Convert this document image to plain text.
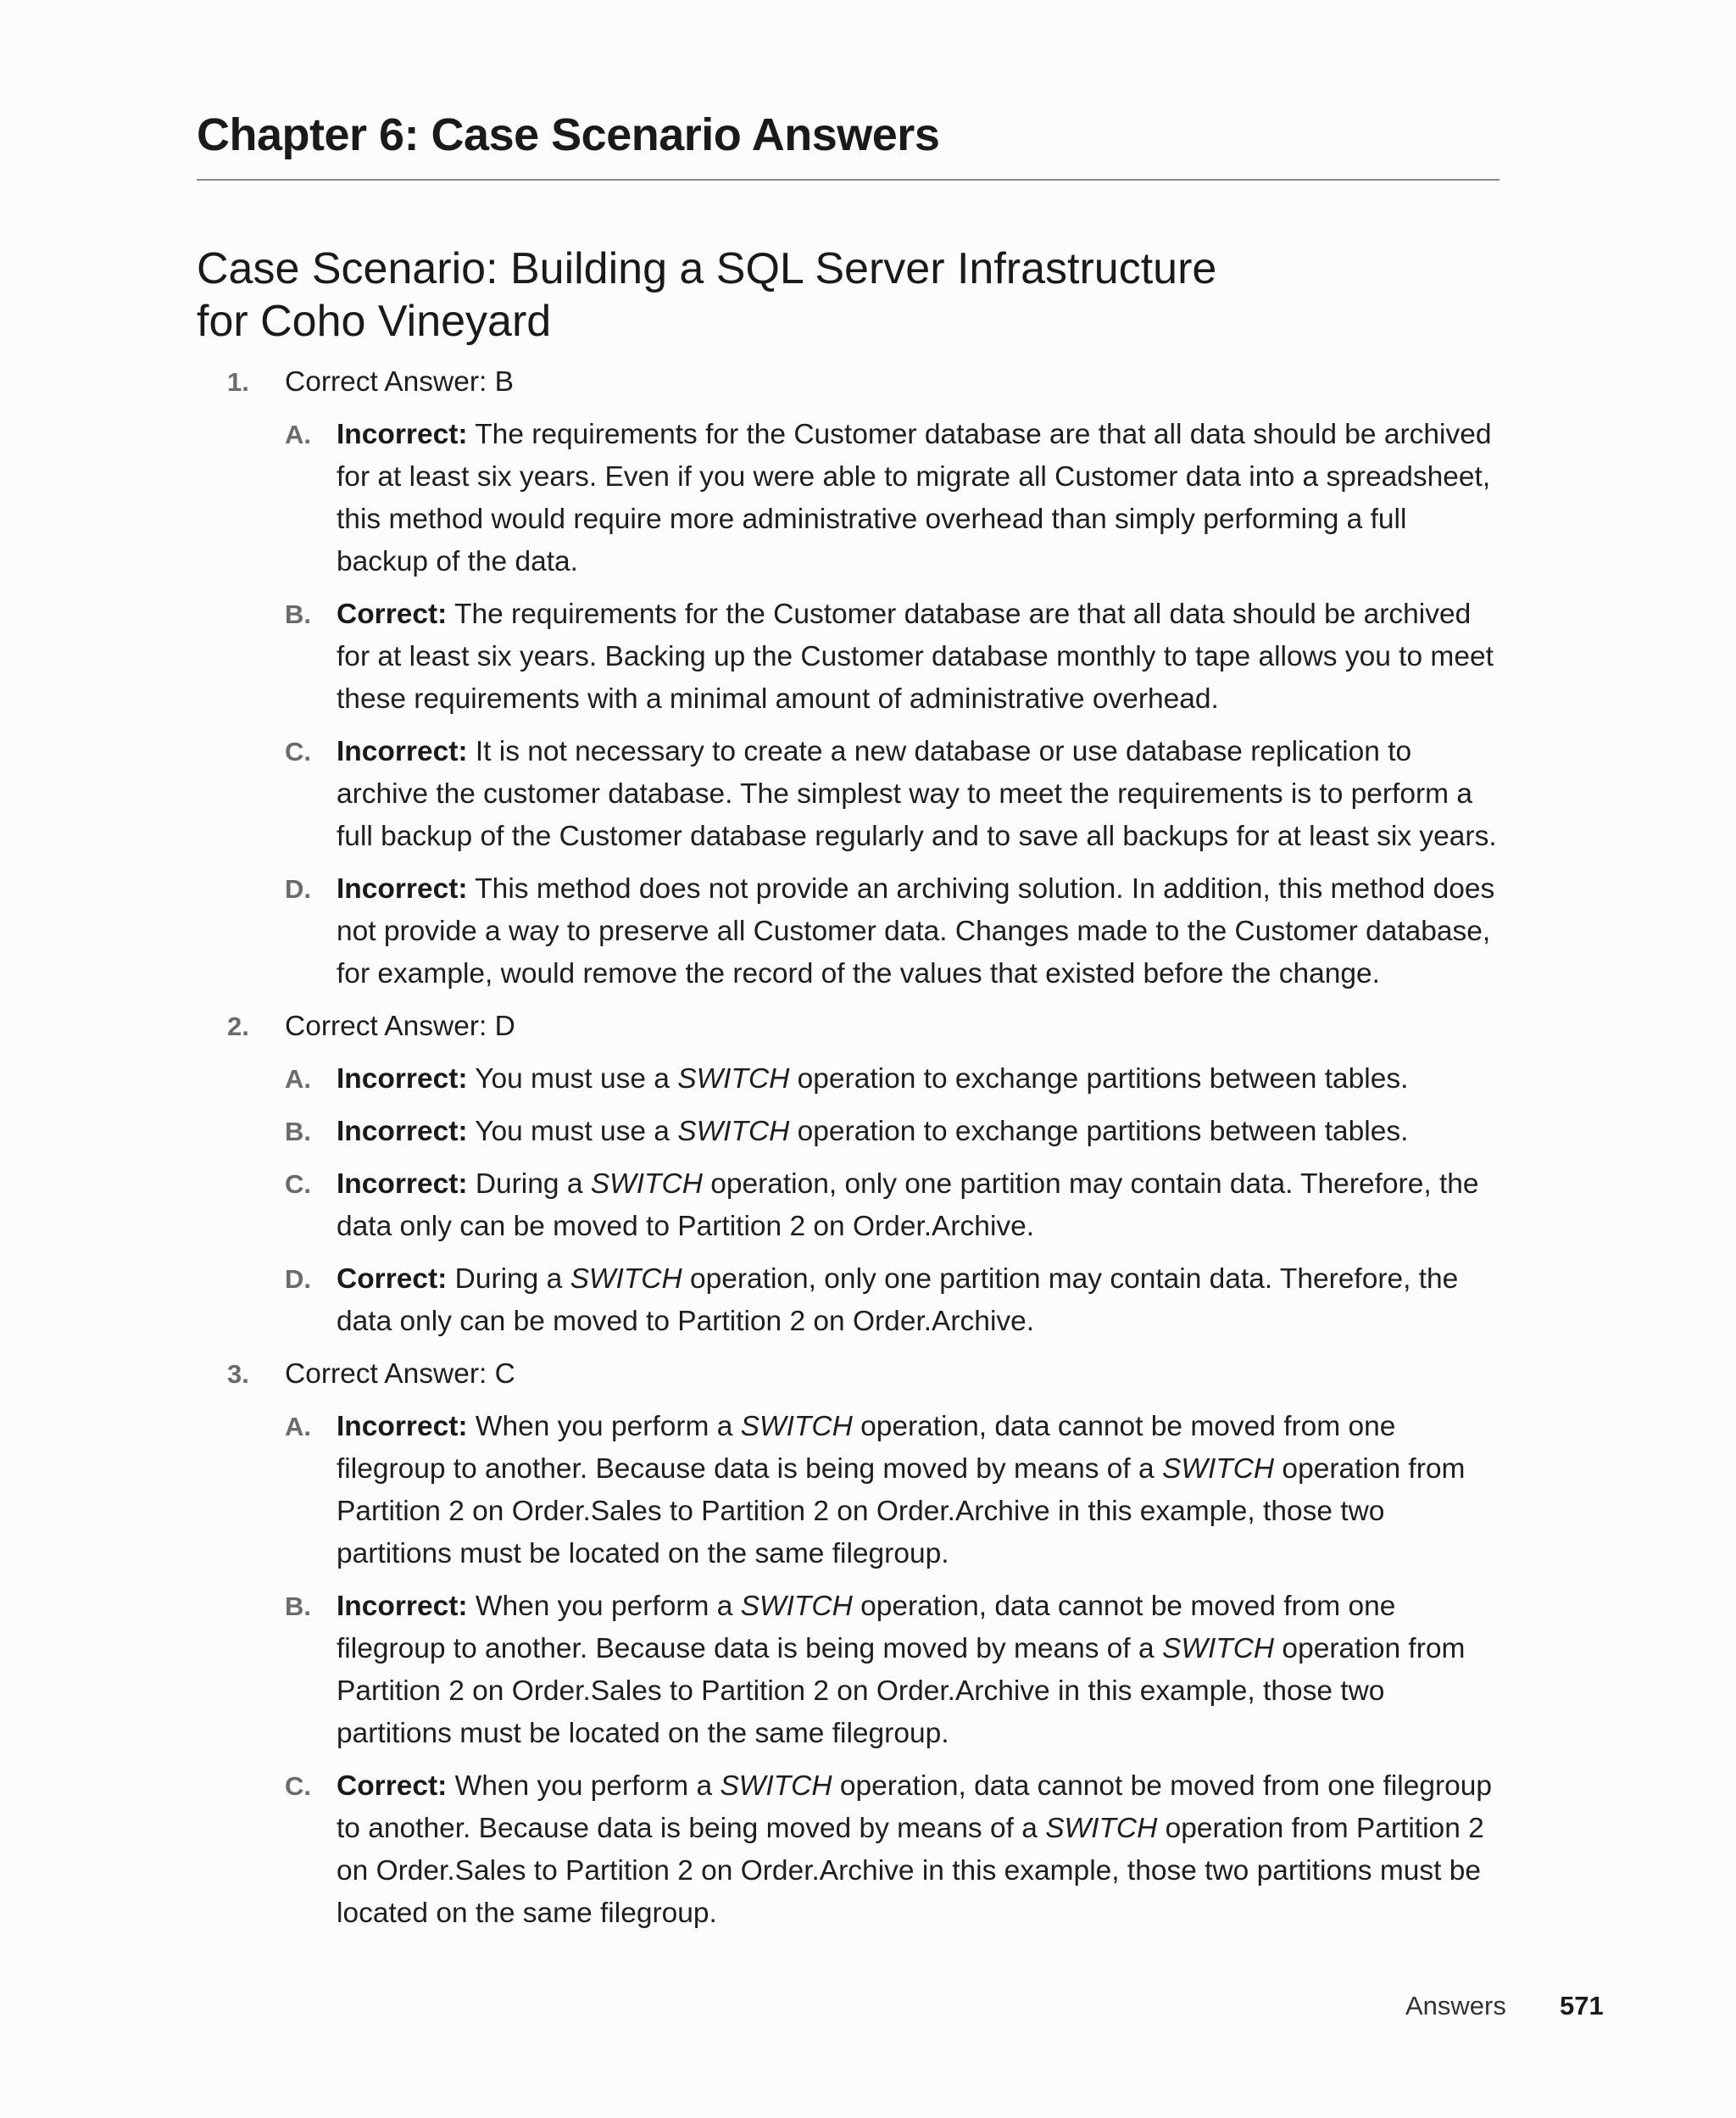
Chapter 6: Case Scenario Answers
Case Scenario: Building a SQL Server Infrastructure
for Coho Vineyard
1. Correct Answer: B
A. Incorrect: The requirements for the Customer database are that all data should be archived for at least six years. Even if you were able to migrate all Customer data into a spreadsheet, this method would require more administrative overhead than simply performing a full backup of the data.
B. Correct: The requirements for the Customer database are that all data should be archived for at least six years. Backing up the Customer database monthly to tape allows you to meet these requirements with a minimal amount of administrative overhead.
C. Incorrect: It is not necessary to create a new database or use database replication to archive the customer database. The simplest way to meet the requirements is to perform a full backup of the Customer database regularly and to save all backups for at least six years.
D. Incorrect: This method does not provide an archiving solution. In addition, this method does not provide a way to preserve all Customer data. Changes made to the Customer database, for example, would remove the record of the values that existed before the change.
2. Correct Answer: D
A. Incorrect: You must use a SWITCH operation to exchange partitions between tables.
B. Incorrect: You must use a SWITCH operation to exchange partitions between tables.
C. Incorrect: During a SWITCH operation, only one partition may contain data. Therefore, the data only can be moved to Partition 2 on Order.Archive.
D. Correct: During a SWITCH operation, only one partition may contain data. Therefore, the data only can be moved to Partition 2 on Order.Archive.
3. Correct Answer: C
A. Incorrect: When you perform a SWITCH operation, data cannot be moved from one filegroup to another. Because data is being moved by means of a SWITCH operation from Partition 2 on Order.Sales to Partition 2 on Order.Archive in this example, those two partitions must be located on the same filegroup.
B. Incorrect: When you perform a SWITCH operation, data cannot be moved from one filegroup to another. Because data is being moved by means of a SWITCH operation from Partition 2 on Order.Sales to Partition 2 on Order.Archive in this example, those two partitions must be located on the same filegroup.
C. Correct: When you perform a SWITCH operation, data cannot be moved from one filegroup to another. Because data is being moved by means of a SWITCH operation from Partition 2 on Order.Sales to Partition 2 on Order.Archive in this example, those two partitions must be located on the same filegroup.
Answers 571
